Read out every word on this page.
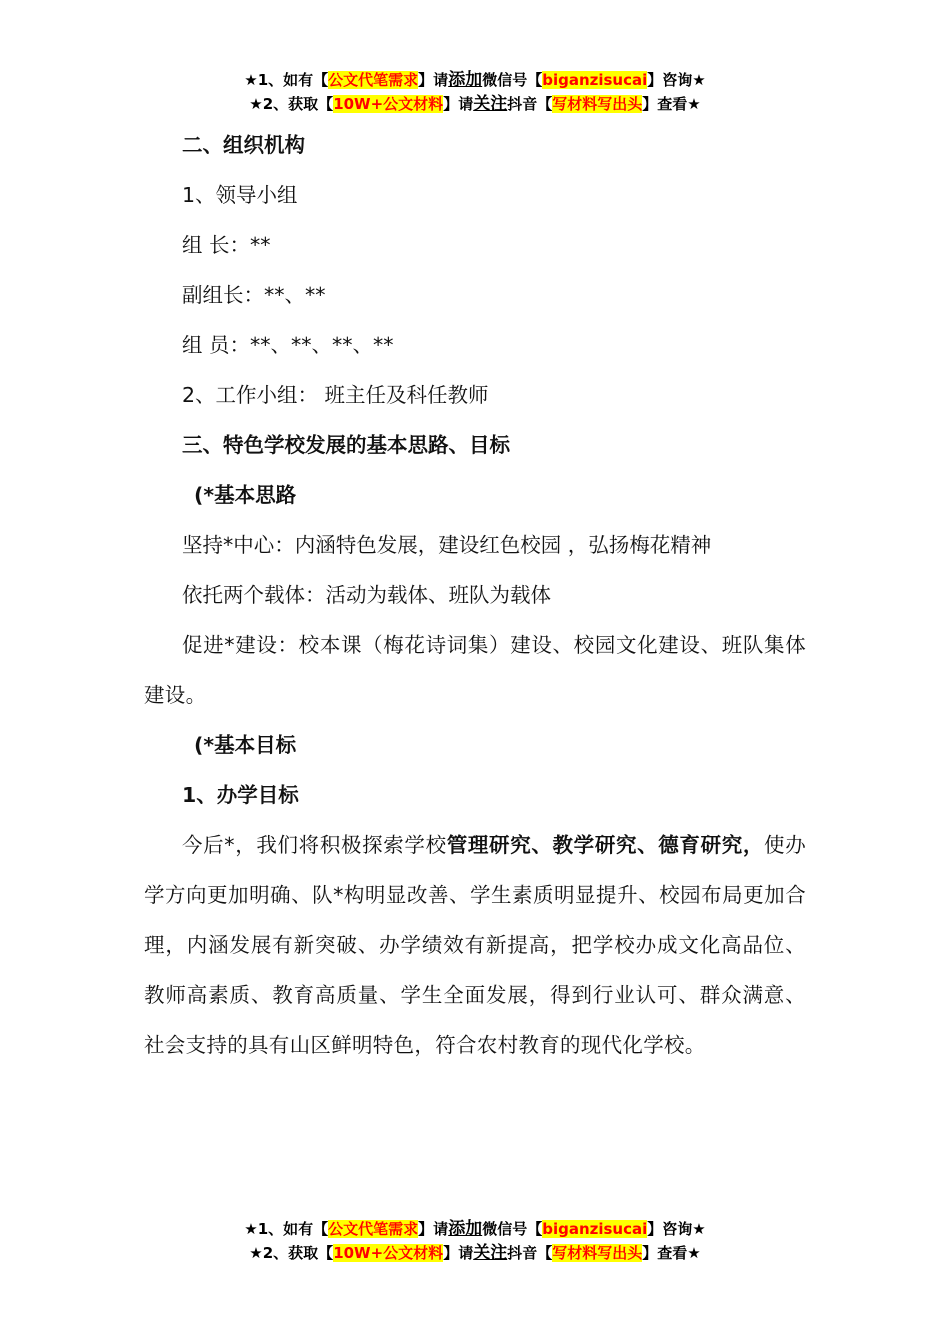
★1、如有【公文代笔需求】请添加微信号【biganzisucai】咨询★
★2、获取【10W+公文材料】请关注抖音【写材料写出头】查看★

二、组织机构

1、领导小组

组 长：**

副组长：**、**

组 员：**、**、**、**

2、工作小组： 班主任及科任教师

三、特色学校发展的基本思路、目标

(*基本思路

坚持*中心：内涵特色发展，建设红色校园 ，弘扬梅花精神

依托两个载体：活动为载体、班队为载体

促进*建设：校本课（梅花诗词集）建设、校园文化建设、班队集体建设。

(*基本目标

1、办学目标

今后*，我们将积极探索学校管理研究、教学研究、德育研究，使办学方向更加明确、队*构明显改善、学生素质明显提升、校园布局更加合理，内涵发展有新突破、办学绩效有新提高，把学校办成文化高品位、教师高素质、教育高质量、学生全面发展，得到行业认可、群众满意、社会支持的具有山区鲜明特色，符合农村教育的现代化学校。

★1、如有【公文代笔需求】请添加微信号【biganzisucai】咨询★
★2、获取【10W+公文材料】请关注抖音【写材料写出头】查看★
